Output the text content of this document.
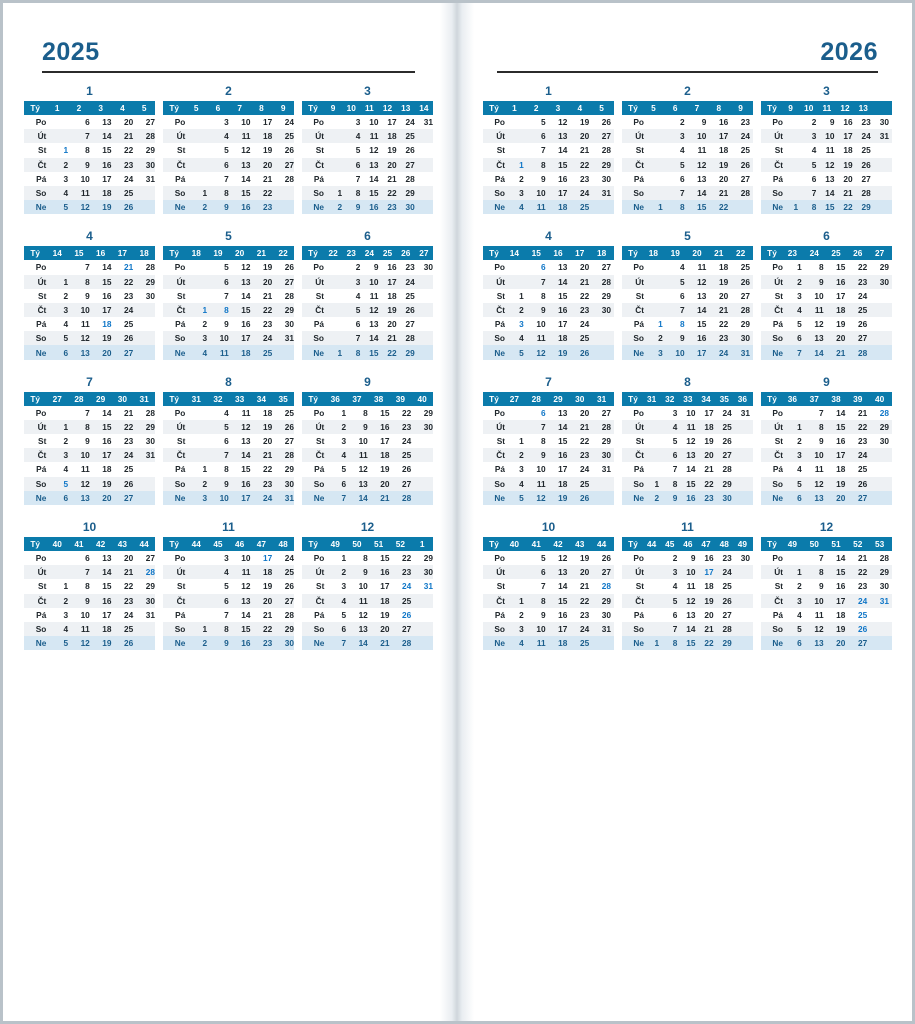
2025
1
Tý	1	2	3	4	5
Po		6	13	20	27
Út		7	14	21	28
St	1	8	15	22	29
Čt	2	9	16	23	30
Pá	3	10	17	24	31
So	4	11	18	25	
Ne	5	12	19	26	
2
Tý	5	6	7	8	9
Po		3	10	17	24
Út		4	11	18	25
St		5	12	19	26
Čt		6	13	20	27
Pá		7	14	21	28
So	1	8	15	22	
Ne	2	9	16	23	
3
Tý	9	10	11	12	13	14
Po		3	10	17	24	31
Út		4	11	18	25	
St		5	12	19	26	
Čt		6	13	20	27	
Pá		7	14	21	28	
So	1	8	15	22	29	
Ne	2	9	16	23	30	
4
Tý	14	15	16	17	18
Po		7	14	21	28
Út	1	8	15	22	29
St	2	9	16	23	30
Čt	3	10	17	24	
Pá	4	11	18	25	
So	5	12	19	26	
Ne	6	13	20	27	
5
Tý	18	19	20	21	22
Po		5	12	19	26
Út		6	13	20	27
St		7	14	21	28
Čt	1	8	15	22	29
Pá	2	9	16	23	30
So	3	10	17	24	31
Ne	4	11	18	25	
6
Tý	22	23	24	25	26	27
Po		2	9	16	23	30
Út		3	10	17	24	
St		4	11	18	25	
Čt		5	12	19	26	
Pá		6	13	20	27	
So		7	14	21	28	
Ne	1	8	15	22	29	
7
Tý	27	28	29	30	31
Po		7	14	21	28
Út	1	8	15	22	29
St	2	9	16	23	30
Čt	3	10	17	24	31
Pá	4	11	18	25	
So	5	12	19	26	
Ne	6	13	20	27	
8
Tý	31	32	33	34	35
Po		4	11	18	25
Út		5	12	19	26
St		6	13	20	27
Čt		7	14	21	28
Pá	1	8	15	22	29
So	2	9	16	23	30
Ne	3	10	17	24	31
9
Tý	36	37	38	39	40
Po	1	8	15	22	29
Út	2	9	16	23	30
St	3	10	17	24	
Čt	4	11	18	25	
Pá	5	12	19	26	
So	6	13	20	27	
Ne	7	14	21	28	
10
Tý	40	41	42	43	44
Po		6	13	20	27
Út		7	14	21	28
St	1	8	15	22	29
Čt	2	9	16	23	30
Pá	3	10	17	24	31
So	4	11	18	25	
Ne	5	12	19	26	
11
Tý	44	45	46	47	48
Po		3	10	17	24
Út		4	11	18	25
St		5	12	19	26
Čt		6	13	20	27
Pá		7	14	21	28
So	1	8	15	22	29
Ne	2	9	16	23	30
12
Tý	49	50	51	52	1
Po	1	8	15	22	29
Út	2	9	16	23	30
St	3	10	17	24	31
Čt	4	11	18	25	
Pá	5	12	19	26	
So	6	13	20	27	
Ne	7	14	21	28	
2026
1
Tý	1	2	3	4	5
Po		5	12	19	26
Út		6	13	20	27
St		7	14	21	28
Čt	1	8	15	22	29
Pá	2	9	16	23	30
So	3	10	17	24	31
Ne	4	11	18	25	
2
Tý	5	6	7	8	9
Po		2	9	16	23
Út		3	10	17	24
St		4	11	18	25
Čt		5	12	19	26
Pá		6	13	20	27
So		7	14	21	28
Ne	1	8	15	22	
3
Tý	9	10	11	12	13	
Po		2	9	16	23	30
Út		3	10	17	24	31
St		4	11	18	25	
Čt		5	12	19	26	
Pá		6	13	20	27	
So		7	14	21	28	
Ne	1	8	15	22	29	
4
Tý	14	15	16	17	18
Po		6	13	20	27
Út		7	14	21	28
St	1	8	15	22	29
Čt	2	9	16	23	30
Pá	3	10	17	24	
So	4	11	18	25	
Ne	5	12	19	26	
5
Tý	18	19	20	21	22
Po		4	11	18	25
Út		5	12	19	26
St		6	13	20	27
Čt		7	14	21	28
Pá	1	8	15	22	29
So	2	9	16	23	30
Ne	3	10	17	24	31
6
Tý	23	24	25	26	27
Po	1	8	15	22	29
Út	2	9	16	23	30
St	3	10	17	24	
Čt	4	11	18	25	
Pá	5	12	19	26	
So	6	13	20	27	
Ne	7	14	21	28	
7
Tý	27	28	29	30	31
Po		6	13	20	27
Út		7	14	21	28
St	1	8	15	22	29
Čt	2	9	16	23	30
Pá	3	10	17	24	31
So	4	11	18	25	
Ne	5	12	19	26	
8
Tý	31	32	33	34	35	36
Po		3	10	17	24	31
Út		4	11	18	25	
St		5	12	19	26	
Čt		6	13	20	27	
Pá		7	14	21	28	
So	1	8	15	22	29	
Ne	2	9	16	23	30	
9
Tý	36	37	38	39	40
Po		7	14	21	28
Út	1	8	15	22	29
St	2	9	16	23	30
Čt	3	10	17	24	
Pá	4	11	18	25	
So	5	12	19	26	
Ne	6	13	20	27	
10
Tý	40	41	42	43	44
Po		5	12	19	26
Út		6	13	20	27
St		7	14	21	28
Čt	1	8	15	22	29
Pá	2	9	16	23	30
So	3	10	17	24	31
Ne	4	11	18	25	
11
Tý	44	45	46	47	48	49
Po		2	9	16	23	30
Út		3	10	17	24	
St		4	11	18	25	
Čt		5	12	19	26	
Pá		6	13	20	27	
So		7	14	21	28	
Ne	1	8	15	22	29	
12
Tý	49	50	51	52	53
Po		7	14	21	28
Út	1	8	15	22	29
St	2	9	16	23	30
Čt	3	10	17	24	31
Pá	4	11	18	25	
So	5	12	19	26	
Ne	6	13	20	27	
